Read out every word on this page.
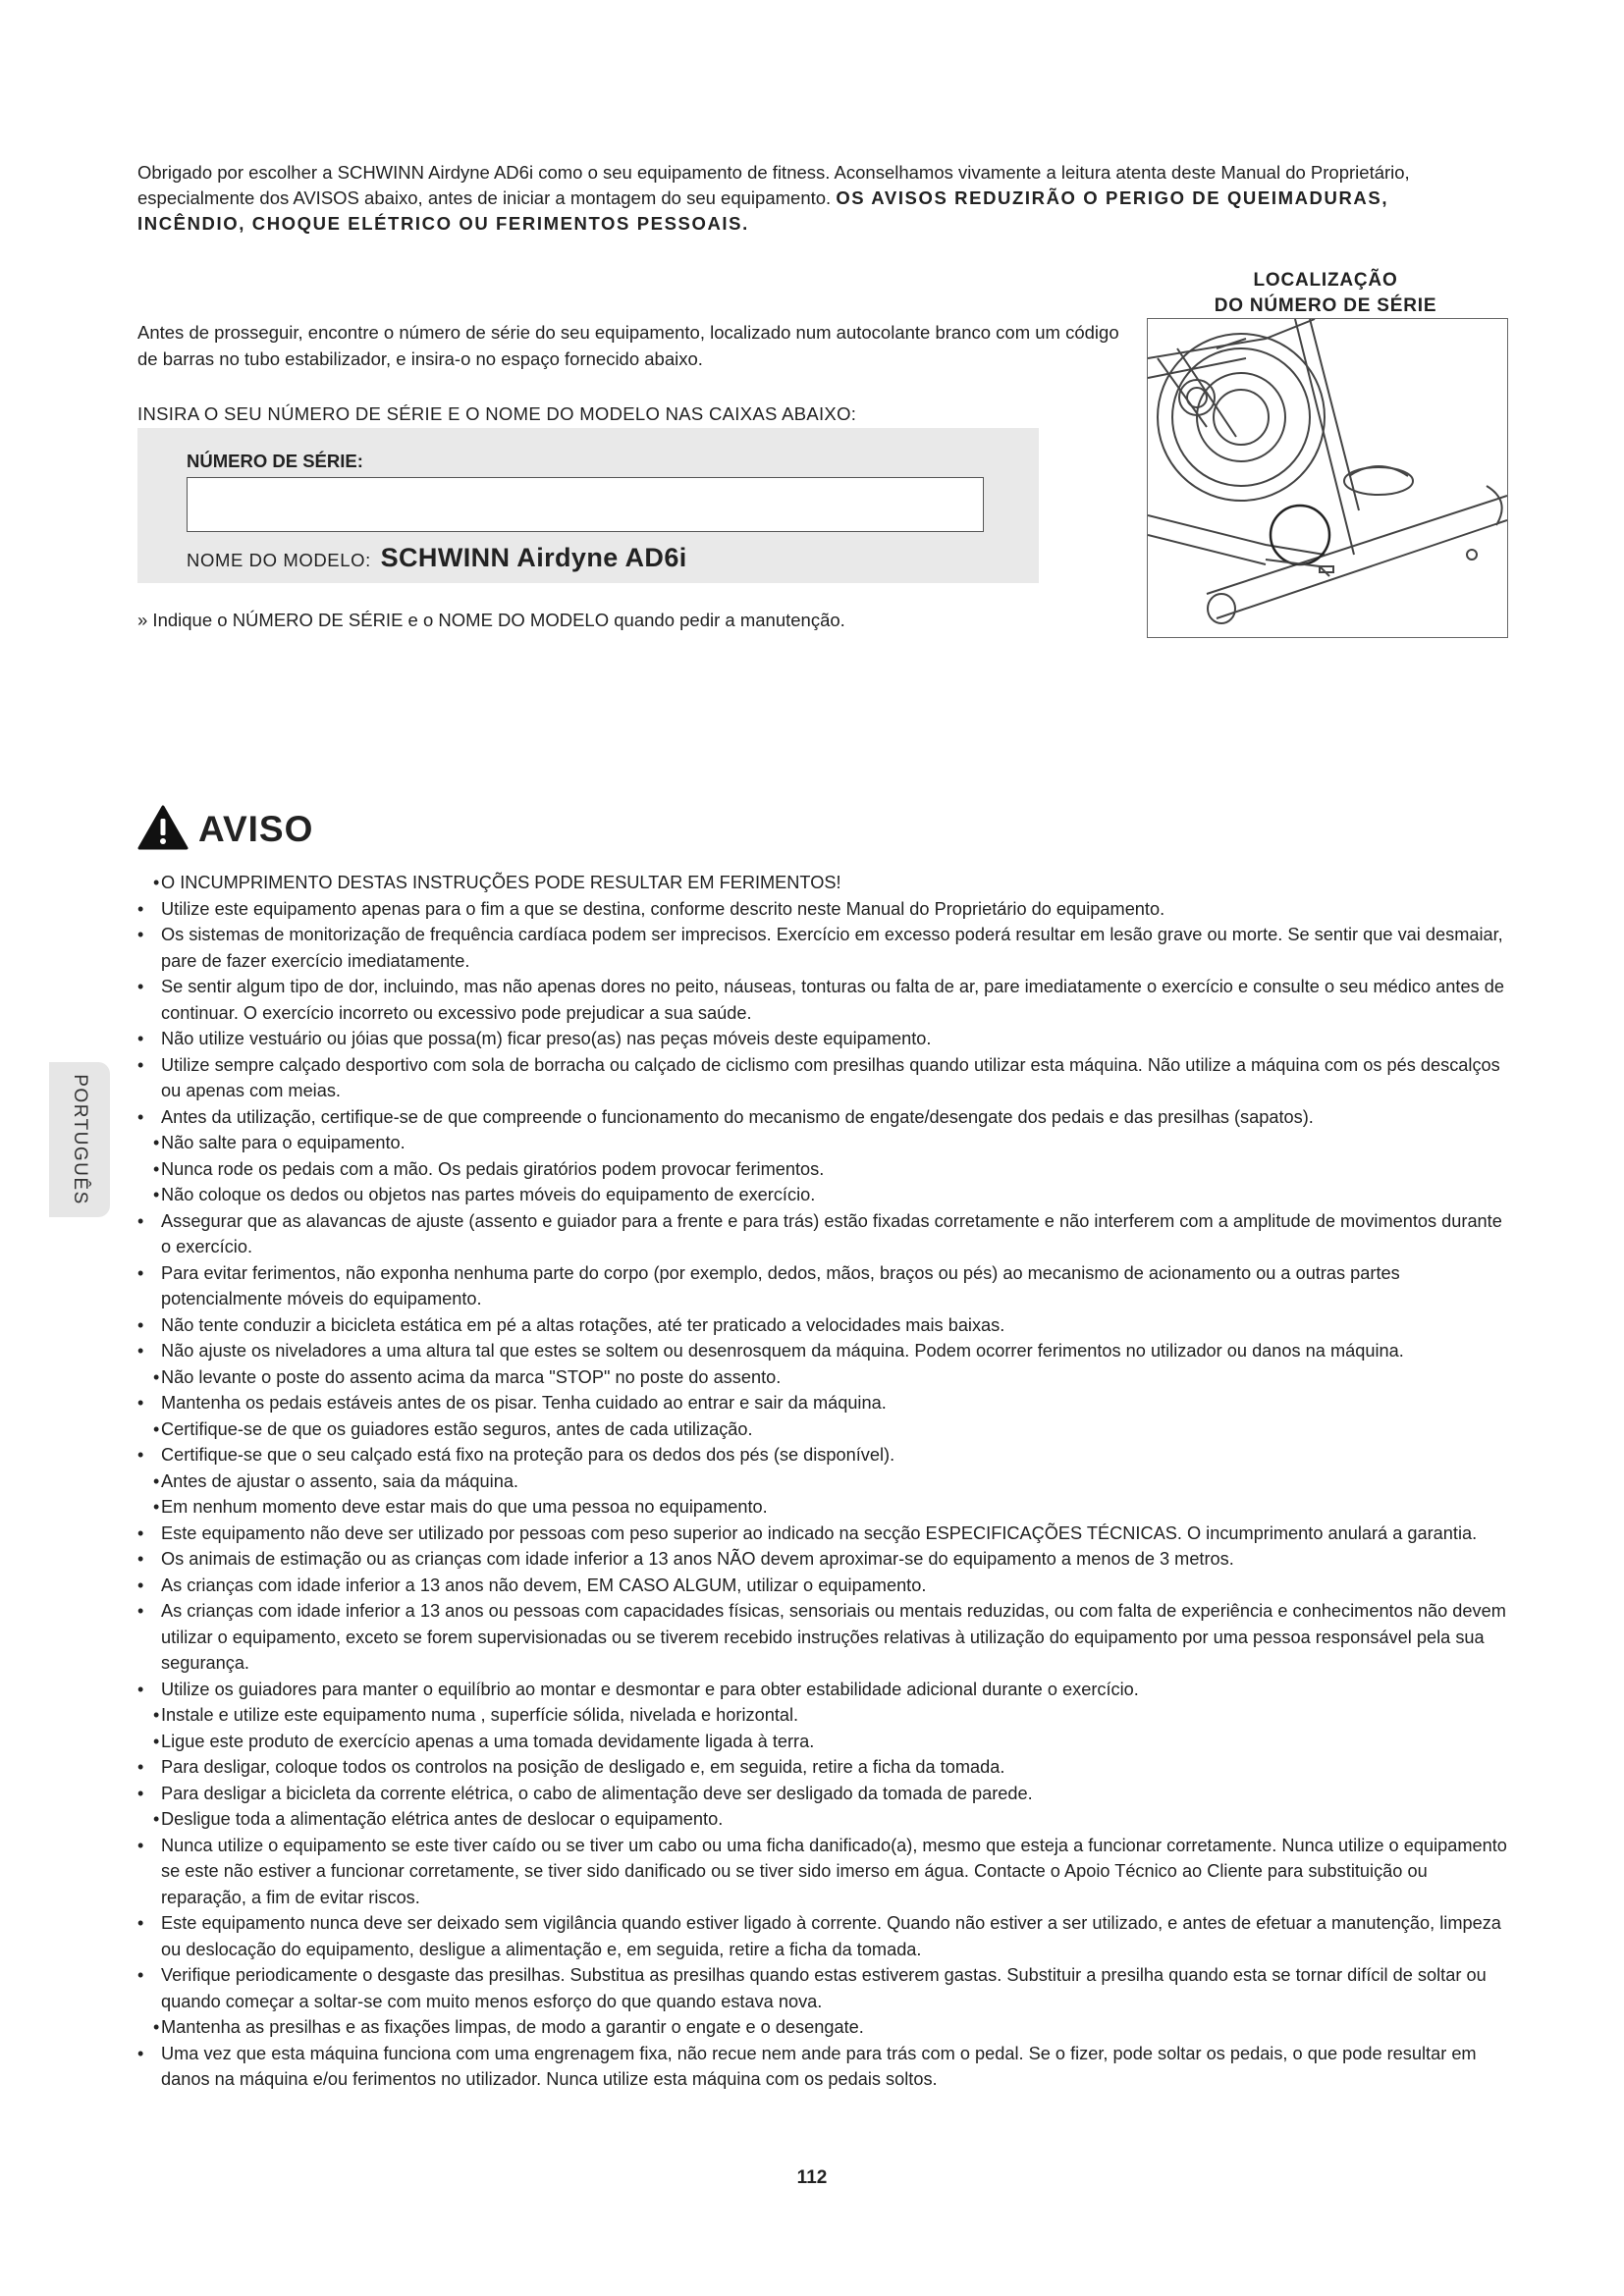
Obrigado por escolher a SCHWINN Airdyne AD6i como o seu equipamento de fitness. Aconselhamos vivamente a leitura atenta deste Manual do Proprietário, especialmente dos AVISOS abaixo, antes de iniciar a montagem do seu equipamento. OS AVISOS REDUZIRÃO O PERIGO DE QUEIMADURAS, INCÊNDIO, CHOQUE ELÉTRICO OU FERIMENTOS PESSOAIS.
LOCALIZAÇÃO
DO NÚMERO DE SÉRIE
Antes de prosseguir, encontre o número de série do seu equipamento, localizado num autocolante branco com um código de barras no tubo estabilizador, e insira-o no espaço fornecido abaixo.
INSIRA O SEU NÚMERO DE SÉRIE E O NOME DO MODELO NAS CAIXAS ABAIXO:
NÚMERO DE SÉRIE:
NOME DO MODELO: SCHWINN Airdyne AD6i
» Indique o NÚMERO DE SÉRIE e o NOME DO MODELO quando pedir a manutenção.
AVISO
• O INCUMPRIMENTO DESTAS INSTRUÇÕES PODE RESULTAR EM FERIMENTOS!
• Utilize este equipamento apenas para o fim a que se destina, conforme descrito neste Manual do Proprietário do equipamento.
• Os sistemas de monitorização de frequência cardíaca podem ser imprecisos. Exercício em excesso poderá resultar em lesão grave ou morte. Se sentir que vai desmaiar, pare de fazer exercício imediatamente.
• Se sentir algum tipo de dor, incluindo, mas não apenas dores no peito, náuseas, tonturas ou falta de ar, pare imediatamente o exercício e consulte o seu médico antes de continuar. O exercício incorreto ou excessivo pode prejudicar a sua saúde.
• Não utilize vestuário ou jóias que possa(m) ficar preso(as) nas peças móveis deste equipamento.
• Utilize sempre calçado desportivo com sola de borracha ou calçado de ciclismo com presilhas quando utilizar esta máquina. Não utilize a máquina com os pés descalços ou apenas com meias.
• Antes da utilização, certifique-se de que compreende o funcionamento do mecanismo de engate/desengate dos pedais e das presilhas (sapatos).
• Não salte para o equipamento.
• Nunca rode os pedais com a mão. Os pedais giratórios podem provocar ferimentos.
• Não coloque os dedos ou objetos nas partes móveis do equipamento de exercício.
• Assegurar que as alavancas de ajuste (assento e guiador para a frente e para trás) estão fixadas corretamente e não interferem com a amplitude de movimentos durante o exercício.
• Para evitar ferimentos, não exponha nenhuma parte do corpo (por exemplo, dedos, mãos, braços ou pés) ao mecanismo de acionamento ou a outras partes potencialmente móveis do equipamento.
• Não tente conduzir a bicicleta estática em pé a altas rotações, até ter praticado a velocidades mais baixas.
• Não ajuste os niveladores a uma altura tal que estes se soltem ou desenrosquem da máquina. Podem ocorrer ferimentos no utilizador ou danos na máquina.
• Não levante o poste do assento acima da marca "STOP" no poste do assento.
• Mantenha os pedais estáveis antes de os pisar. Tenha cuidado ao entrar e sair da máquina.
• Certifique-se de que os guiadores estão seguros, antes de cada utilização.
• Certifique-se que o seu calçado está fixo na proteção para os dedos dos pés (se disponível).
• Antes de ajustar o assento, saia da máquina.
• Em nenhum momento deve estar mais do que uma pessoa no equipamento.
• Este equipamento não deve ser utilizado por pessoas com peso superior ao indicado na secção ESPECIFICAÇÕES TÉCNICAS. O incumprimento anulará a garantia.
• Os animais de estimação ou as crianças com idade inferior a 13 anos NÃO devem aproximar-se do equipamento a menos de 3 metros.
• As crianças com idade inferior a 13 anos não devem, EM CASO ALGUM, utilizar o equipamento.
• As crianças com idade inferior a 13 anos ou pessoas com capacidades físicas, sensoriais ou mentais reduzidas, ou com falta de experiência e conhecimentos não devem utilizar o equipamento, exceto se forem supervisionadas ou se tiverem recebido instruções relativas à utilização do equipamento por uma pessoa responsável pela sua segurança.
• Utilize os guiadores para manter o equilíbrio ao montar e desmontar e para obter estabilidade adicional durante o exercício.
• Instale e utilize este equipamento numa , superfície sólida, nivelada e horizontal.
• Ligue este produto de exercício apenas a uma tomada devidamente ligada à terra.
• Para desligar, coloque todos os controlos na posição de desligado e, em seguida, retire a ficha da tomada.
• Para desligar a bicicleta da corrente elétrica, o cabo de alimentação deve ser desligado da tomada de parede.
• Desligue toda a alimentação elétrica antes de deslocar o equipamento.
• Nunca utilize o equipamento se este tiver caído ou se tiver um cabo ou uma ficha danificado(a), mesmo que esteja a funcionar corretamente. Nunca utilize o equipamento se este não estiver a funcionar corretamente, se tiver sido danificado ou se tiver sido imerso em água. Contacte o Apoio Técnico ao Cliente para substituição ou reparação, a fim de evitar riscos.
• Este equipamento nunca deve ser deixado sem vigilância quando estiver ligado à corrente. Quando não estiver a ser utilizado, e antes de efetuar a manutenção, limpeza ou deslocação do equipamento, desligue a alimentação e, em seguida, retire a ficha da tomada.
• Verifique periodicamente o desgaste das presilhas. Substitua as presilhas quando estas estiverem gastas. Substituir a presilha quando esta se tornar difícil de soltar ou quando começar a soltar-se com muito menos esforço do que quando estava nova.
• Mantenha as presilhas e as fixações limpas, de modo a garantir o engate e o desengate.
• Uma vez que esta máquina funciona com uma engrenagem fixa, não recue nem ande para trás com o pedal. Se o fizer, pode soltar os pedais, o que pode resultar em danos na máquina e/ou ferimentos no utilizador. Nunca utilize esta máquina com os pedais soltos.
PORTUGUÊS
112
